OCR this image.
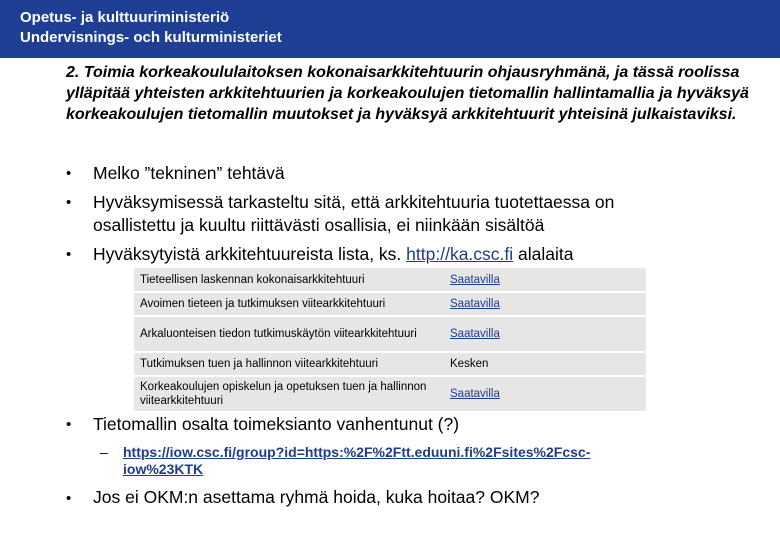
Opetus- ja kulttuuriministeriö
Undervisnings- och kulturministeriet
2. Toimia korkeakoululaitoksen kokonaisarkkitehtuurin ohjausryhmänä, ja tässä roolissa ylläpitää yhteisten arkkitehtuurien ja korkeakoulujen tietomallin hallintamallia ja hyväksyä korkeakoulujen tietomallin muutokset ja hyväksyä arkkitehtuurit yhteisinä julkaistaviksi.
• Melko ”tekninen” tehtävä
• Hyväksymisessä tarkasteltu sitä, että arkkitehtuuria tuotettaessa on
osallistettu ja kuultu riittävästi osallisia, ei niinkään sisältöä
• Hyväksytyistä arkkitehtuureista lista, ks. http://ka.csc.fi alalaita
Tieteellisen laskennan kokonaisarkkitehtuuri	Saatavilla
Avoimen tieteen ja tutkimuksen viitearkkitehtuuri	Saatavilla
Arkaluonteisen tiedon tutkimuskäytön viitearkkitehtuuri	Saatavilla
Tutkimuksen tuen ja hallinnon viitearkkitehtuuri	Kesken
Korkeakoulujen opiskelun ja opetuksen tuen ja hallinnon viitearkkitehtuuri	Saatavilla
• Tietomallin osalta toimeksianto vanhentunut (?)
– https://iow.csc.fi/group?id=https:%2F%2Ftt.eduuni.fi%2Fsites%2Fcsc-
iow%23KTK
• Jos ei OKM:n asettama ryhmä hoida, kuka hoitaa? OKM?
